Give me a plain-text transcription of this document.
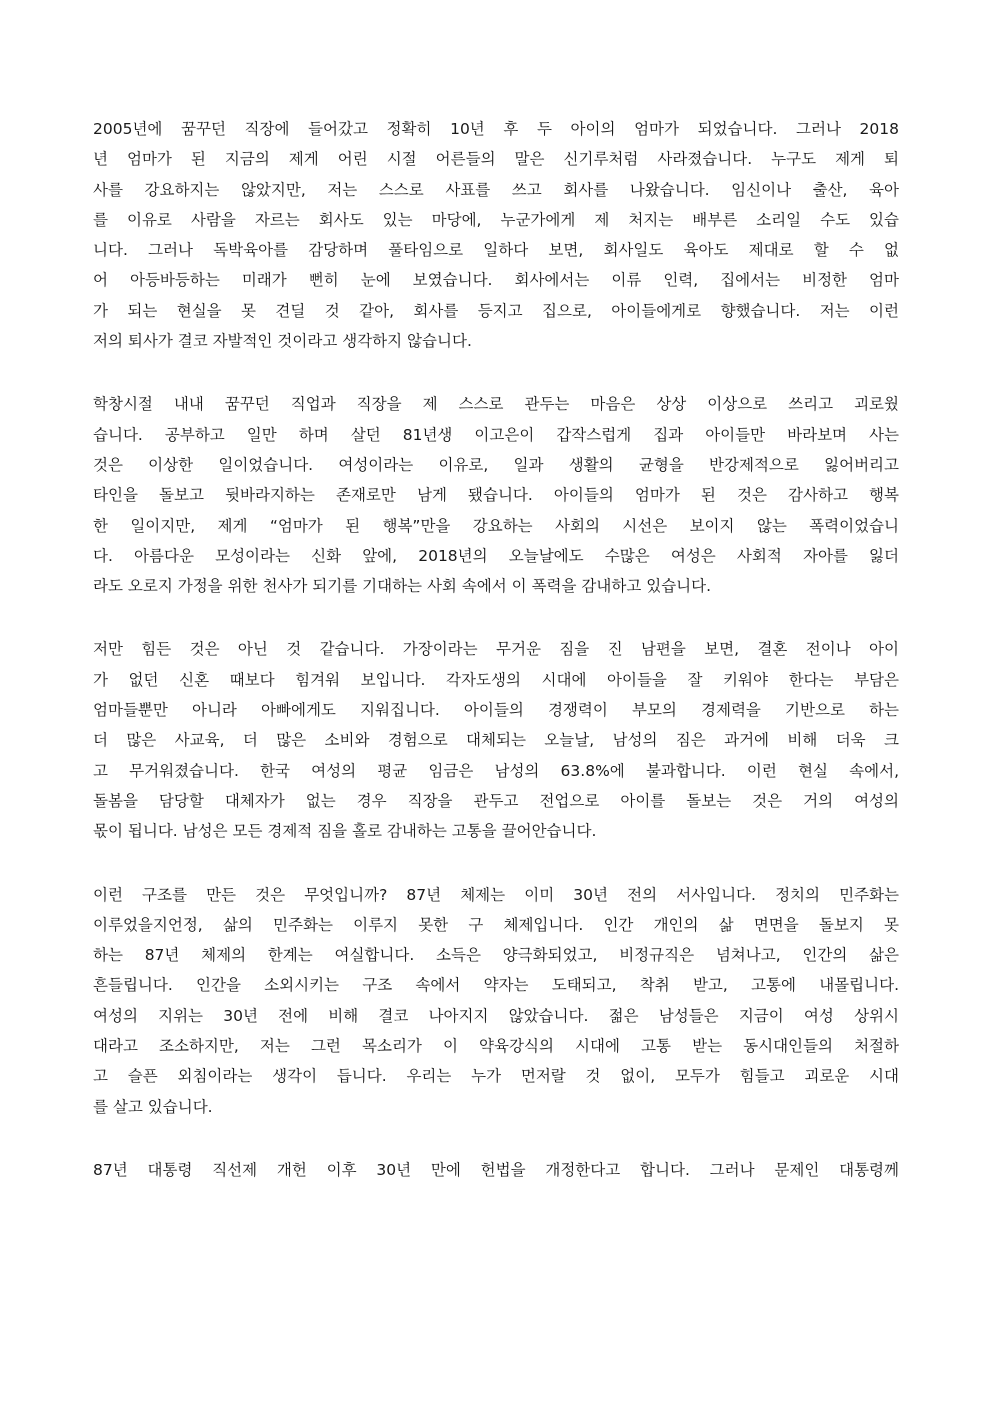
2005년에 꿈꾸던 직장에 들어갔고 정확히 10년 후 두 아이의 엄마가 되었습니다. 그러나 2018
년 엄마가 된 지금의 제게 어린 시절 어른들의 말은 신기루처럼 사라졌습니다. 누구도 제게 퇴
사를 강요하지는 않았지만, 저는 스스로 사표를 쓰고 회사를 나왔습니다. 임신이나 출산, 육아
를 이유로 사람을 자르는 회사도 있는 마당에, 누군가에게 제 처지는 배부른 소리일 수도 있습
니다. 그러나 독박육아를 감당하며 풀타임으로 일하다 보면, 회사일도 육아도 제대로 할 수 없
어 아등바등하는 미래가 뻔히 눈에 보였습니다. 회사에서는 이류 인력, 집에서는 비정한 엄마
가 되는 현실을 못 견딜 것 같아, 회사를 등지고 집으로, 아이들에게로 향했습니다. 저는 이런
저의 퇴사가 결코 자발적인 것이라고 생각하지 않습니다.
학창시절 내내 꿈꾸던 직업과 직장을 제 스스로 관두는 마음은 상상 이상으로 쓰리고 괴로웠
습니다. 공부하고 일만 하며 살던 81년생 이고은이 갑작스럽게 집과 아이들만 바라보며 사는
것은 이상한 일이었습니다. 여성이라는 이유로, 일과 생활의 균형을 반강제적으로 잃어버리고
타인을 돌보고 뒷바라지하는 존재로만 남게 됐습니다. 아이들의 엄마가 된 것은 감사하고 행복
한 일이지만, 제게 “엄마가 된 행복”만을 강요하는 사회의 시선은 보이지 않는 폭력이었습니
다. 아름다운 모성이라는 신화 앞에, 2018년의 오늘날에도 수많은 여성은 사회적 자아를 잃더
라도 오로지 가정을 위한 천사가 되기를 기대하는 사회 속에서 이 폭력을 감내하고 있습니다.
저만 힘든 것은 아닌 것 같습니다. 가장이라는 무거운 짐을 진 남편을 보면, 결혼 전이나 아이
가 없던 신혼 때보다 힘겨워 보입니다. 각자도생의 시대에 아이들을 잘 키워야 한다는 부담은
엄마들뿐만 아니라 아빠에게도 지워집니다. 아이들의 경쟁력이 부모의 경제력을 기반으로 하는
더 많은 사교육, 더 많은 소비와 경험으로 대체되는 오늘날, 남성의 짐은 과거에 비해 더욱 크
고 무거워졌습니다. 한국 여성의 평균 임금은 남성의 63.8%에 불과합니다. 이런 현실 속에서,
돌봄을 담당할 대체자가 없는 경우 직장을 관두고 전업으로 아이를 돌보는 것은 거의 여성의
몫이 됩니다. 남성은 모든 경제적 짐을 홀로 감내하는 고통을 끌어안습니다.
이런 구조를 만든 것은 무엇입니까? 87년 체제는 이미 30년 전의 서사입니다. 정치의 민주화는
이루었을지언정, 삶의 민주화는 이루지 못한 구 체제입니다. 인간 개인의 삶 면면을 돌보지 못
하는 87년 체제의 한계는 여실합니다. 소득은 양극화되었고, 비정규직은 넘쳐나고, 인간의 삶은
흔들립니다. 인간을 소외시키는 구조 속에서 약자는 도태되고, 착취 받고, 고통에 내몰립니다.
여성의 지위는 30년 전에 비해 결코 나아지지 않았습니다. 젊은 남성들은 지금이 여성 상위시
대라고 조소하지만, 저는 그런 목소리가 이 약육강식의 시대에 고통 받는 동시대인들의 처절하
고 슬픈 외침이라는 생각이 듭니다. 우리는 누가 먼저랄 것 없이, 모두가 힘들고 괴로운 시대
를 살고 있습니다.
87년 대통령 직선제 개헌 이후 30년 만에 헌법을 개정한다고 합니다. 그러나 문제인 대통령께
